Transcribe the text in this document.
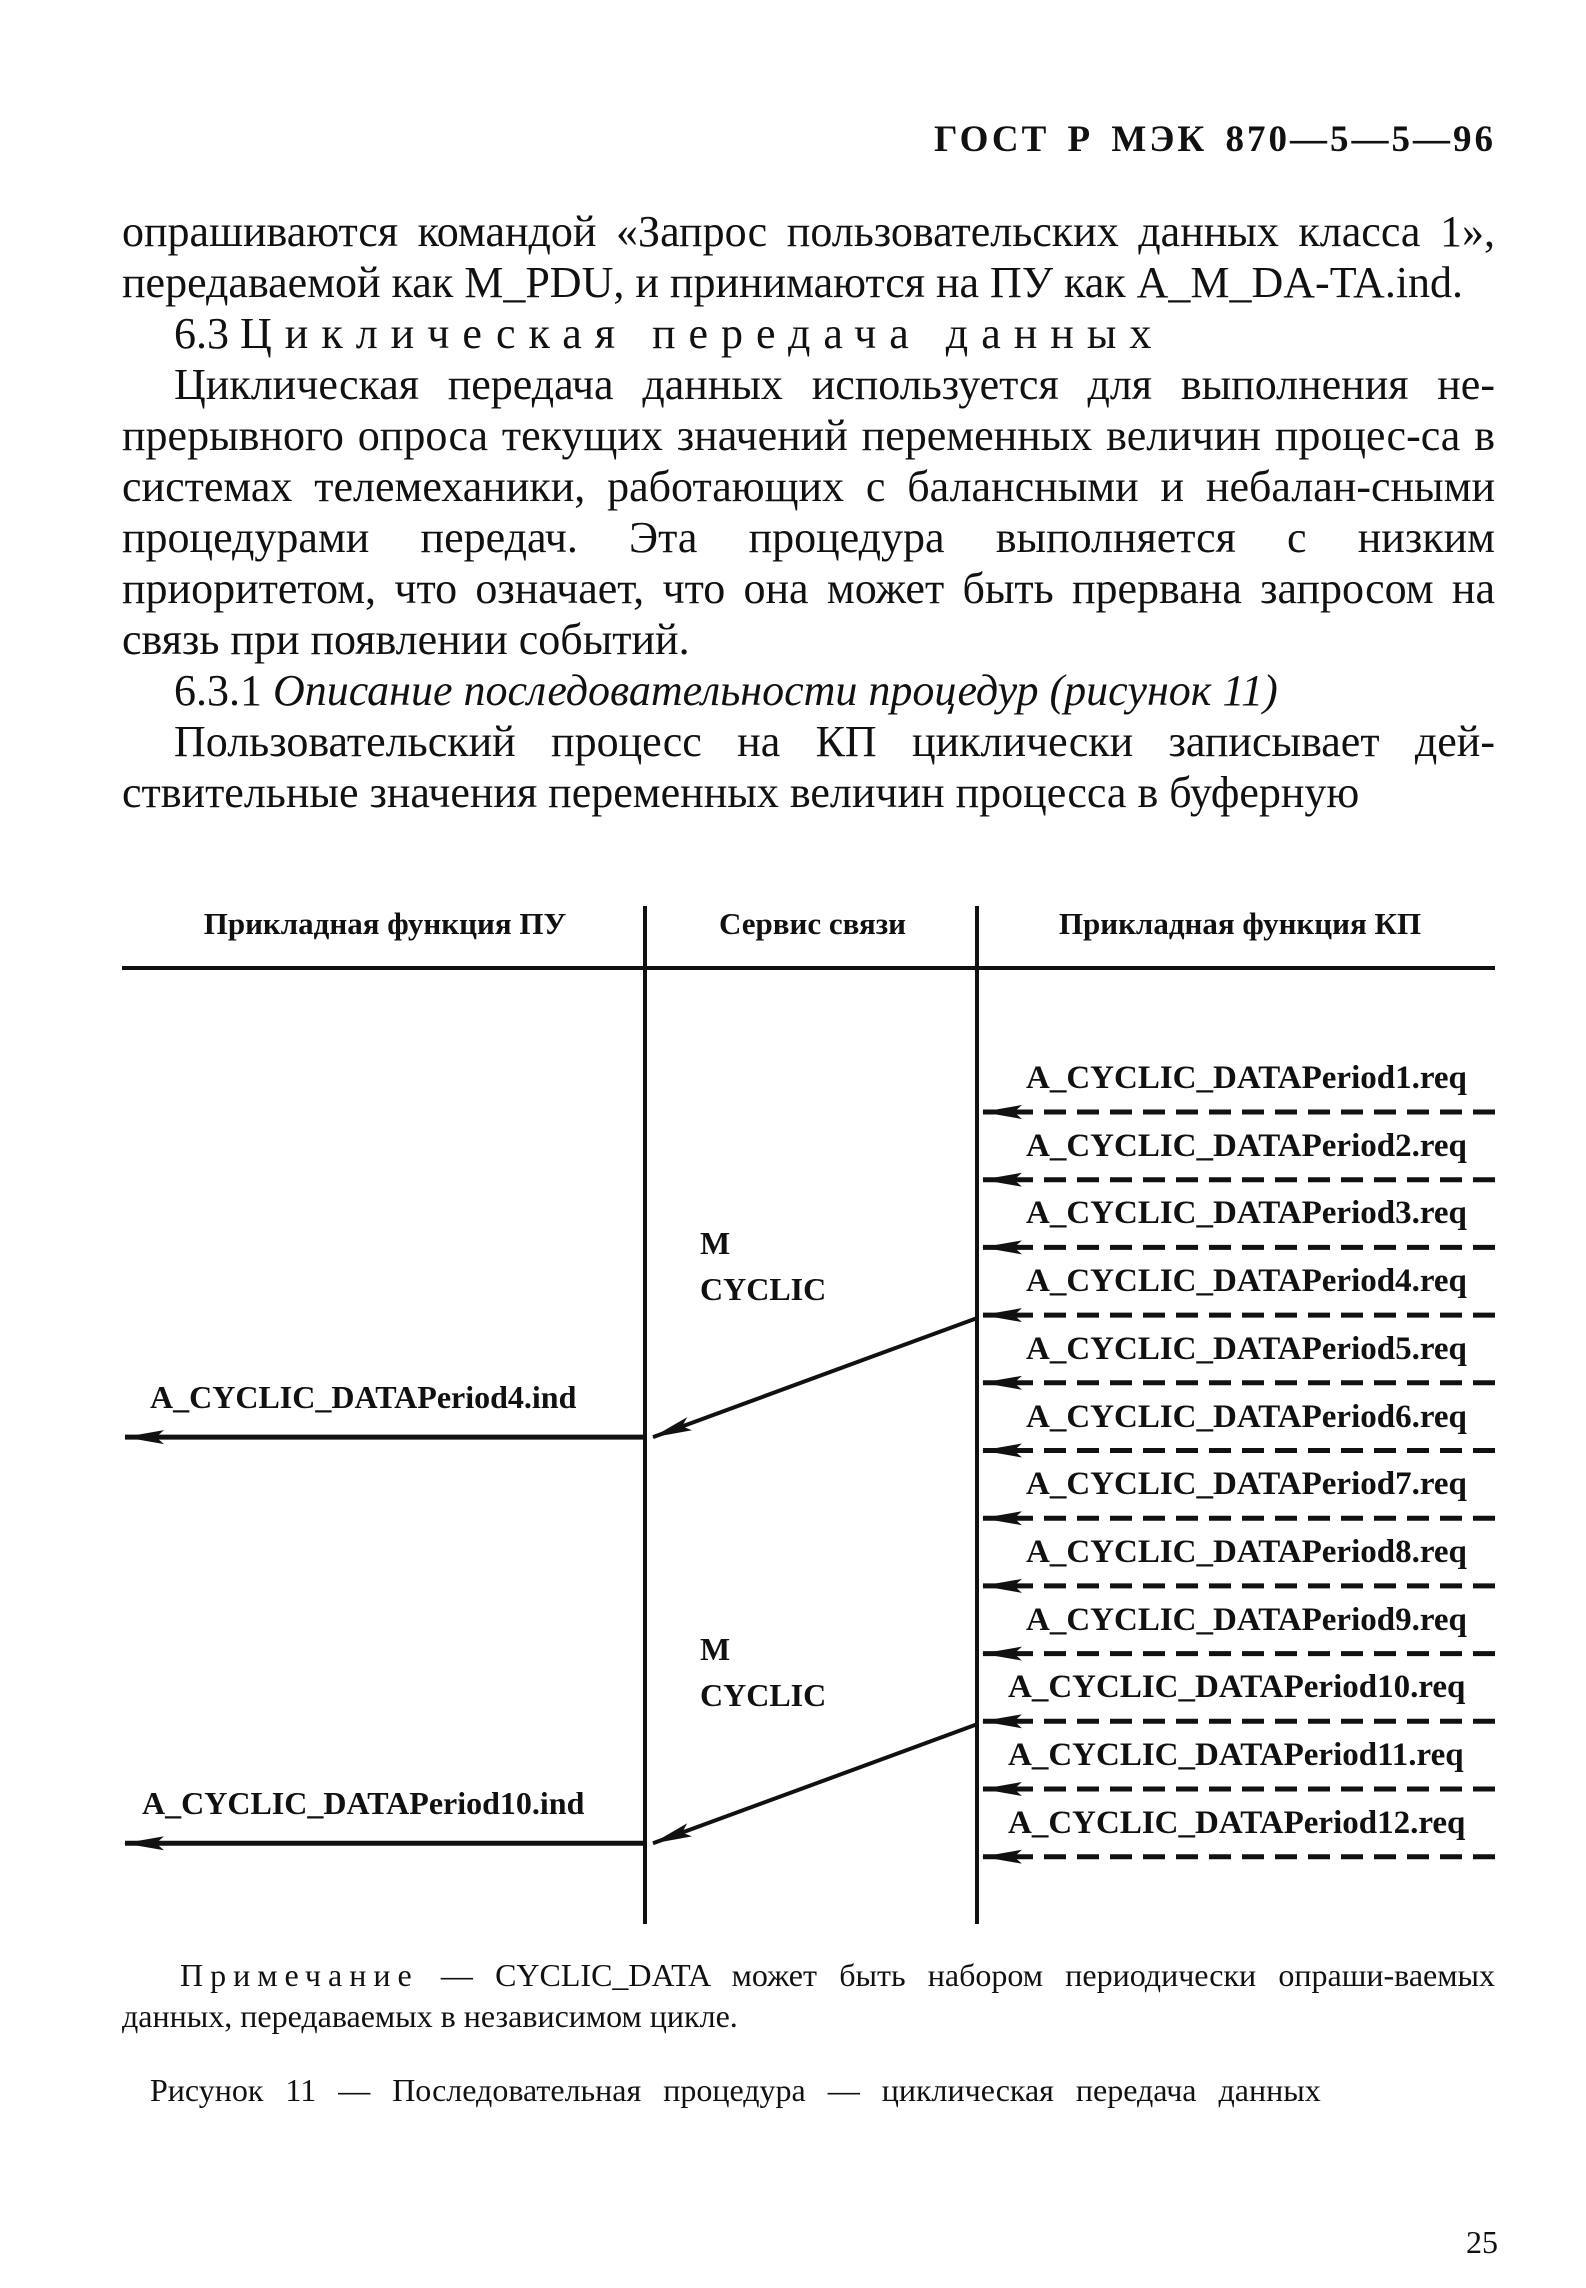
ГОСТ Р МЭК 870—5—5—96

опрашиваются командой «Запрос пользовательских данных класса 1», передаваемой как M_PDU, и принимаются на ПУ как A_M_DA-TA.ind.

6.3 Циклическая передача данных

Циклическая передача данных используется для выполнения не-прерывного опроса текущих значений переменных величин процес-са в системах телемеханики, работающих с балансными и небалан-сными процедурами передач. Эта процедура выполняется с низким приоритетом, что означает, что она может быть прервана запросом на связь при появлении событий.

6.3.1 Описание последовательности процедур (рисунок 11)

Пользовательский процесс на КП циклически записывает дей-ствительные значения переменных величин процесса в буферную

Прикладная функция ПУ	Сервис связи	Прикладная функция КП
A_CYCLIC_DATAPeriod1.req
A_CYCLIC_DATAPeriod2.req
A_CYCLIC_DATAPeriod3.req
A_CYCLIC_DATAPeriod4.req
A_CYCLIC_DATAPeriod5.req
A_CYCLIC_DATAPeriod6.req
A_CYCLIC_DATAPeriod7.req
A_CYCLIC_DATAPeriod8.req
A_CYCLIC_DATAPeriod9.req
A_CYCLIC_DATAPeriod10.req
A_CYCLIC_DATAPeriod11.req
A_CYCLIC_DATAPeriod12.req
M
CYCLIC
A_CYCLIC_DATAPeriod4.ind
M
CYCLIC
A_CYCLIC_DATAPeriod10.ind
Примечание — CYCLIC_DATA может быть набором периодически опраши-ваемых данных, передаваемых в независимом цикле.
Рисунок 11 — Последовательная процедура — циклическая передача данных
25
